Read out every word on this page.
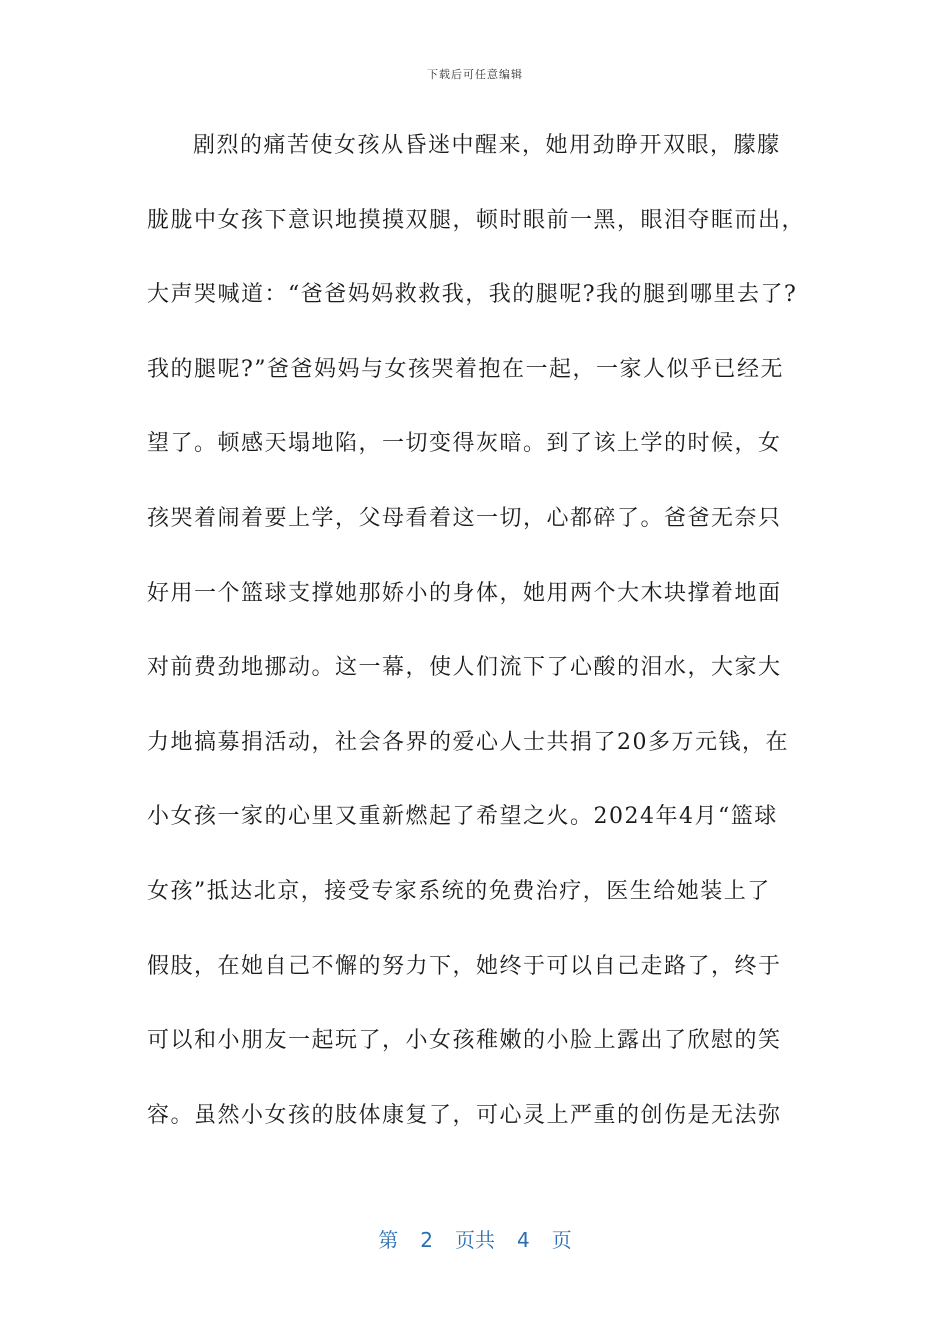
下载后可任意编辑
剧烈的痛苦使女孩从昏迷中醒来，她用劲睁开双眼，朦朦
胧胧中女孩下意识地摸摸双腿，顿时眼前一黑，眼泪夺眶而出，
大声哭喊道：“爸爸妈妈救救我，我的腿呢?我的腿到哪里去了?
我的腿呢?”爸爸妈妈与女孩哭着抱在一起，一家人似乎已经无
望了。顿感天塌地陷，一切变得灰暗。到了该上学的时候，女
孩哭着闹着要上学，父母看着这一切，心都碎了。爸爸无奈只
好用一个篮球支撑她那娇小的身体，她用两个大木块撑着地面
对前费劲地挪动。这一幕，使人们流下了心酸的泪水，大家大
力地搞募捐活动，社会各界的爱心人士共捐了20多万元钱，在
小女孩一家的心里又重新燃起了希望之火。2024年4月“篮球
女孩”抵达北京，接受专家系统的免费治疗，医生给她装上了
假肢，在她自己不懈的努力下，她终于可以自己走路了，终于
可以和小朋友一起玩了，小女孩稚嫩的小脸上露出了欣慰的笑
容。虽然小女孩的肢体康复了，可心灵上严重的创伤是无法弥
第 2 页共 4 页
